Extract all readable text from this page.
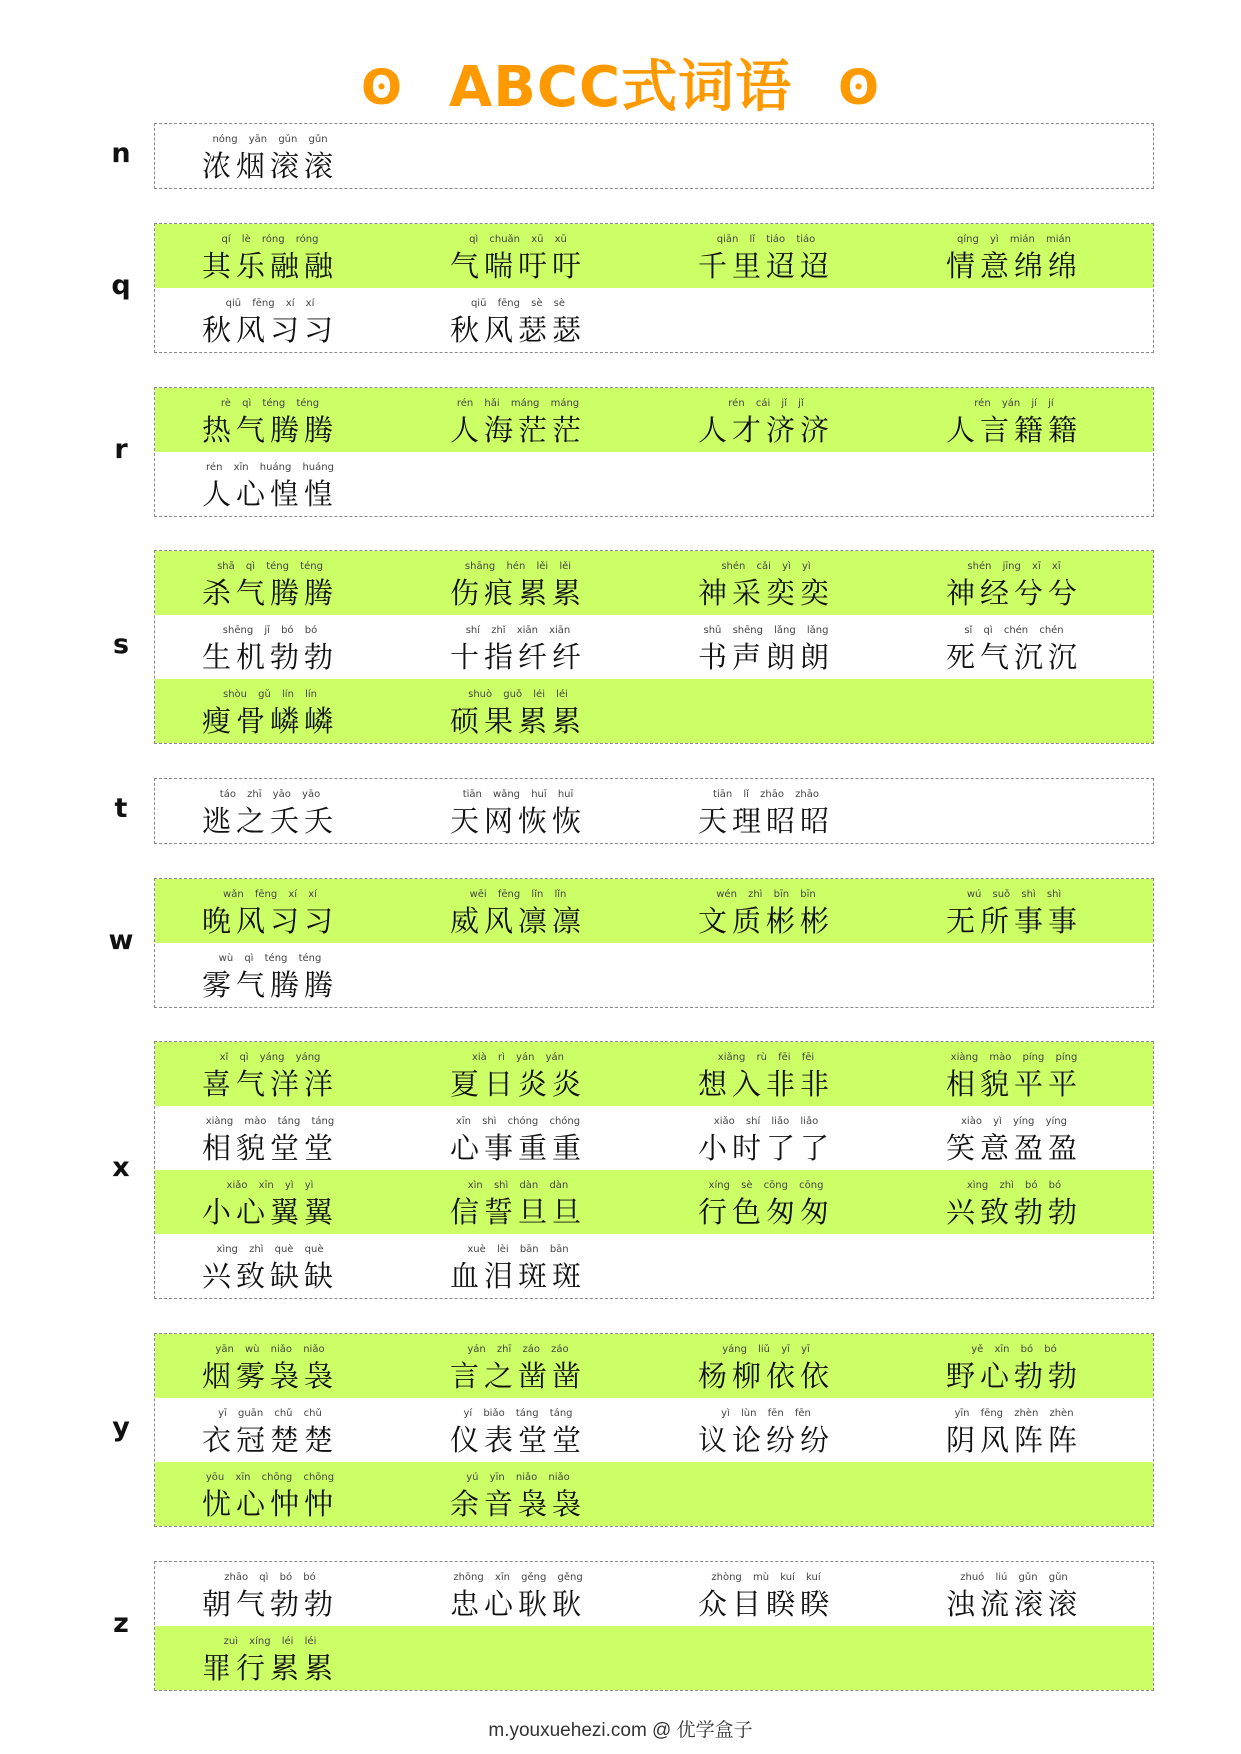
ʘ ABCC式词语 ʘ
n	nóng yān gǔn gǔn
浓烟滚滚
q
qí lè róng róng
其乐融融
qì chuǎn xū xū
气喘吁吁
qiān lǐ tiáo tiáo
千里迢迢
qíng yì mián mián
情意绵绵
qiū fēng xí xí
秋风习习
qiū fēng sè sè
秋风瑟瑟
r
rè qì téng téng
热气腾腾
rén hǎi máng máng
人海茫茫
rén cái jǐ jǐ
人才济济
rén yán jí jí
人言籍籍
rén xīn huáng huáng
人心惶惶
s
shā qì téng téng
杀气腾腾
shāng hén lěi lěi
伤痕累累
shén cǎi yì yì
神采奕奕
shén jīng xī xī
神经兮兮
shēng jī bó bó
生机勃勃
shí zhǐ xiān xiān
十指纤纤
shū shēng lǎng lǎng
书声朗朗
sǐ qì chén chén
死气沉沉
shòu gǔ lín lín
瘦骨嶙嶙
shuò guǒ léi léi
硕果累累
t	táo zhī yāo yāo
逃之夭夭
tiān wǎng huī huī
天网恢恢
tiān lǐ zhāo zhāo
天理昭昭
w
wǎn fēng xí xí
晚风习习
wēi fēng lǐn lǐn
威风凛凛
wén zhì bīn bīn
文质彬彬
wú suǒ shì shì
无所事事
wù qì téng téng
雾气腾腾
x
xǐ qì yáng yáng
喜气洋洋
xià rì yán yán
夏日炎炎
xiǎng rù fēi fēi
想入非非
xiàng mào píng píng
相貌平平
xiàng mào táng táng
相貌堂堂
xīn shì chóng chóng
心事重重
xiǎo shí liǎo liǎo
小时了了
xiào yì yíng yíng
笑意盈盈
xiǎo xīn yì yì
小心翼翼
xìn shì dàn dàn
信誓旦旦
xíng sè cōng cōng
行色匆匆
xìng zhì bó bó
兴致勃勃
xìng zhì què què
兴致缺缺
xuè lèi bān bān
血泪斑斑
y
yān wù niǎo niǎo
烟雾袅袅
yán zhī záo záo
言之凿凿
yáng liǔ yī yī
杨柳依依
yě xīn bó bó
野心勃勃
yī guān chǔ chǔ
衣冠楚楚
yí biǎo táng táng
仪表堂堂
yì lùn fēn fēn
议论纷纷
yīn fēng zhèn zhèn
阴风阵阵
yōu xīn chōng chōng
忧心忡忡
yú yīn niǎo niǎo
余音袅袅
z
zhāo qì bó bó
朝气勃勃
zhōng xīn gěng gěng
忠心耿耿
zhòng mù kuí kuí
众目睽睽
zhuó liú gǔn gǔn
浊流滚滚
zuì xíng léi léi
罪行累累
m.youxuehezi.com @ 优学盒子
